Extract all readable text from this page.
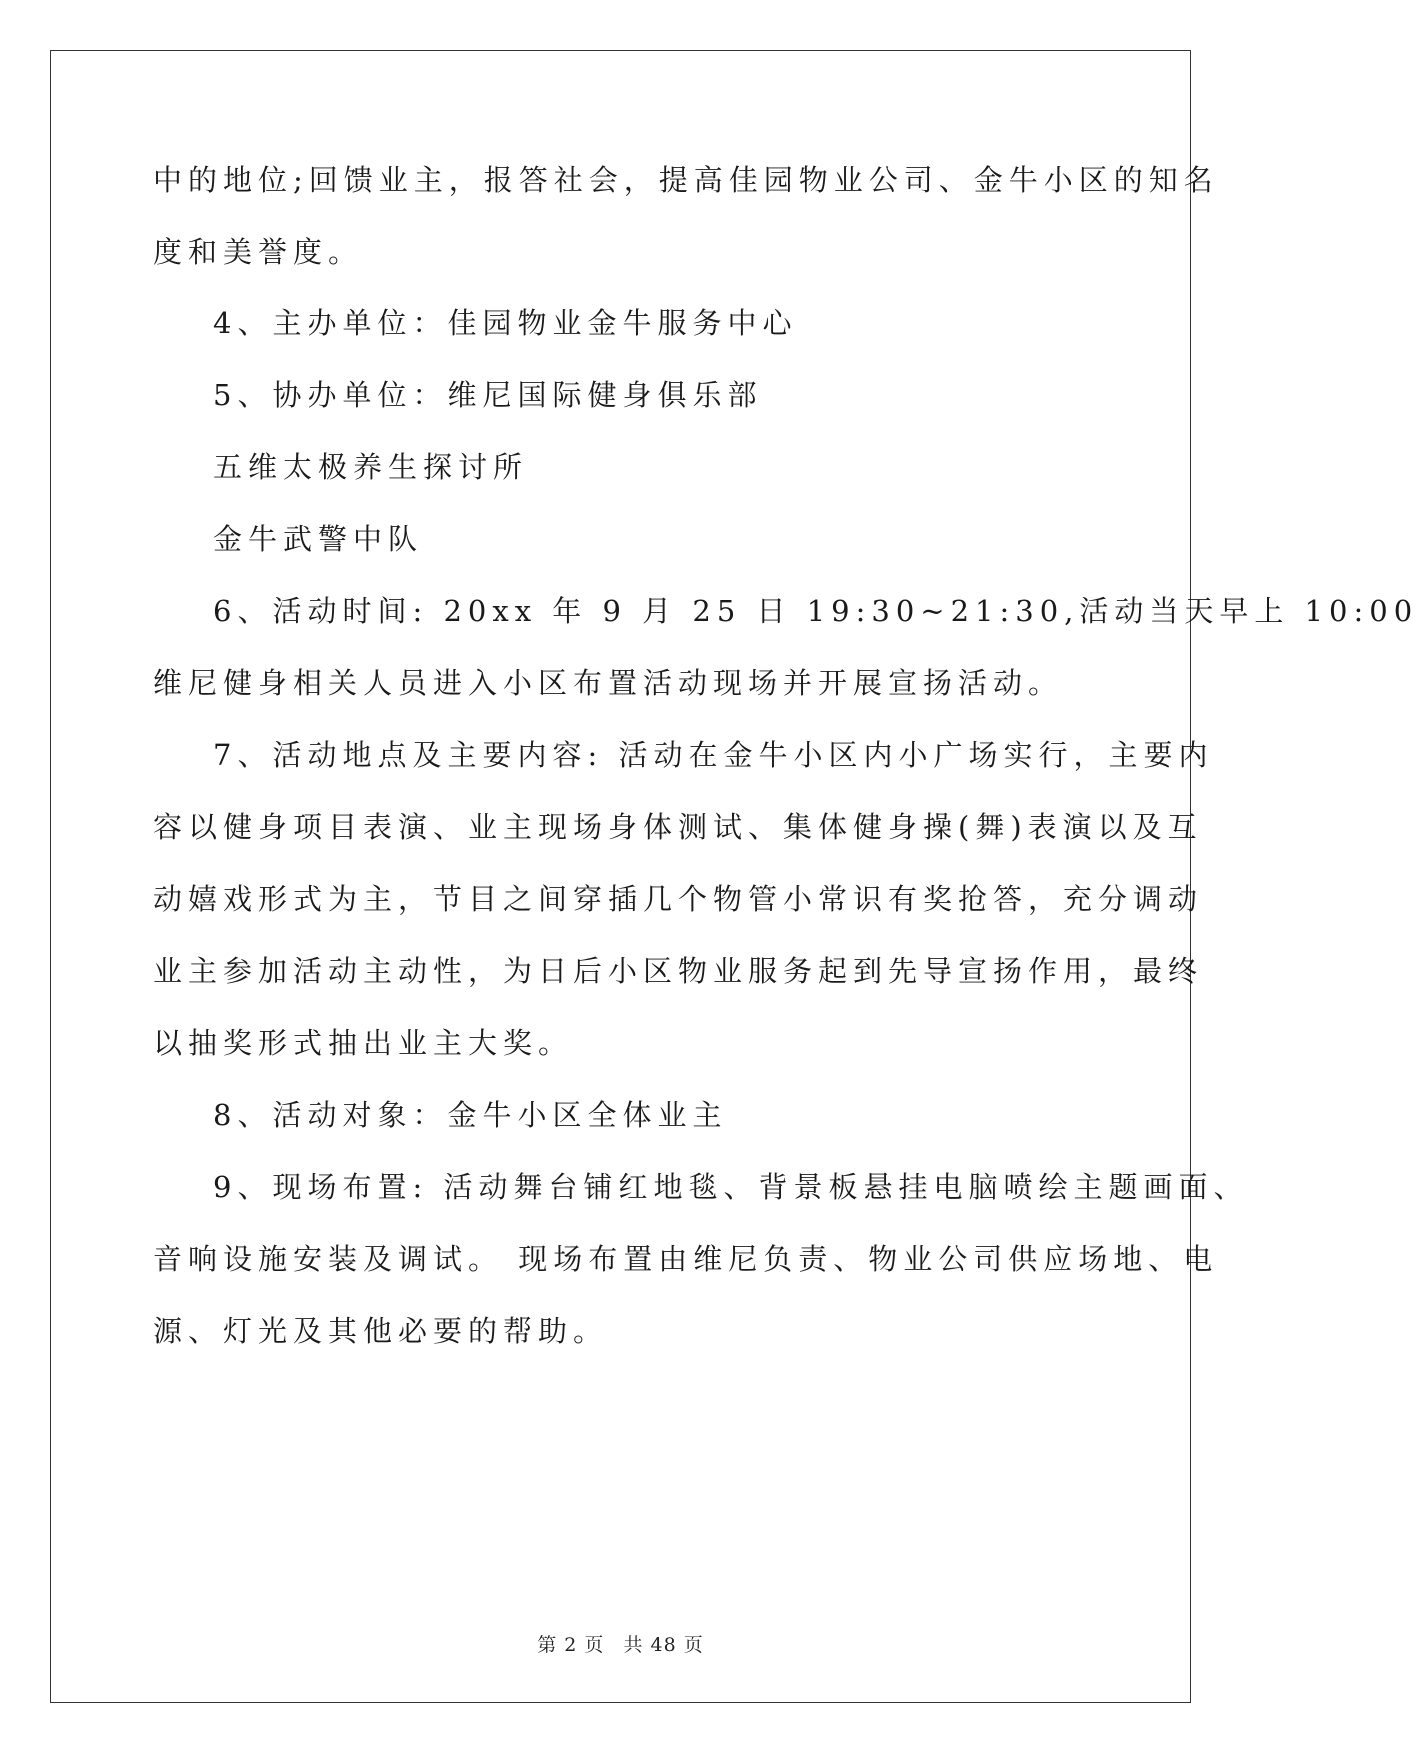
中的地位;回馈业主，报答社会，提高佳园物业公司、金牛小区的知名
度和美誉度。
4、主办单位：佳园物业金牛服务中心
5、协办单位：维尼国际健身俱乐部
五维太极养生探讨所
金牛武警中队
6、活动时间: 20xx 年 9 月 25 日 19:30~21:30,活动当天早上 10:00
维尼健身相关人员进入小区布置活动现场并开展宣扬活动。
7、活动地点及主要内容: 活动在金牛小区内小广场实行，主要内
容以健身项目表演、业主现场身体测试、集体健身操(舞)表演以及互
动嬉戏形式为主，节目之间穿插几个物管小常识有奖抢答，充分调动
业主参加活动主动性，为日后小区物业服务起到先导宣扬作用，最终
以抽奖形式抽出业主大奖。
8、活动对象：金牛小区全体业主
9、现场布置: 活动舞台铺红地毯、背景板悬挂电脑喷绘主题画面、
音响设施安装及调试。 现场布置由维尼负责、物业公司供应场地、电
源、灯光及其他必要的帮助。
第 2 页 共 48 页
